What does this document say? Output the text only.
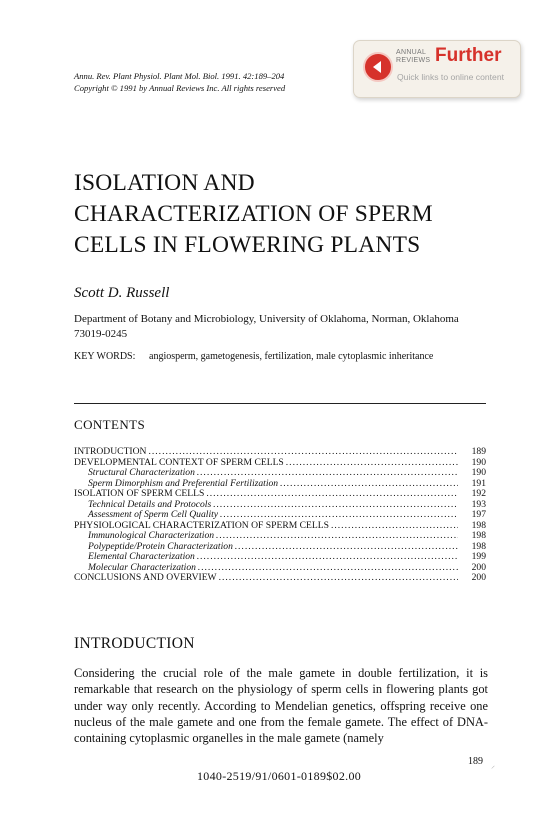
Annu. Rev. Plant Physiol. Plant Mol. Biol. 1991. 42:189–204
Copyright © 1991 by Annual Reviews Inc. All rights reserved
ANNUAL
REVIEWS Further
Quick links to online content
ISOLATION AND
CHARACTERIZATION OF SPERM
CELLS IN FLOWERING PLANTS
Scott D. Russell
Department of Botany and Microbiology, University of Oklahoma, Norman, Oklahoma 73019-0245
KEY WORDS: angiosperm, gametogenesis, fertilization, male cytoplasmic inheritance
CONTENTS
INTRODUCTION .....	189
DEVELOPMENTAL CONTEXT OF SPERM CELLS .....	190
Structural Characterization .....	190
Sperm Dimorphism and Preferential Fertilization .....	191
ISOLATION OF SPERM CELLS .....	192
Technical Details and Protocols .....	193
Assessment of Sperm Cell Quality .....	197
PHYSIOLOGICAL CHARACTERIZATION OF SPERM CELLS .....	198
Immunological Characterization .....	198
Polypeptide/Protein Characterization .....	198
Elemental Characterization .....	199
Molecular Characterization .....	200
CONCLUSIONS AND OVERVIEW .....	200
INTRODUCTION
Considering the crucial role of the male gamete in double fertilization, it is remarkable that research on the physiology of sperm cells in flowering plants got under way only recently. According to Mendelian genetics, offspring receive one nucleus of the male gamete and one from the female gamete. The effect of DNA-containing cytoplasmic organelles in the male gamete (namely
189 ⸝
1040-2519/91/0601-0189$02.00
